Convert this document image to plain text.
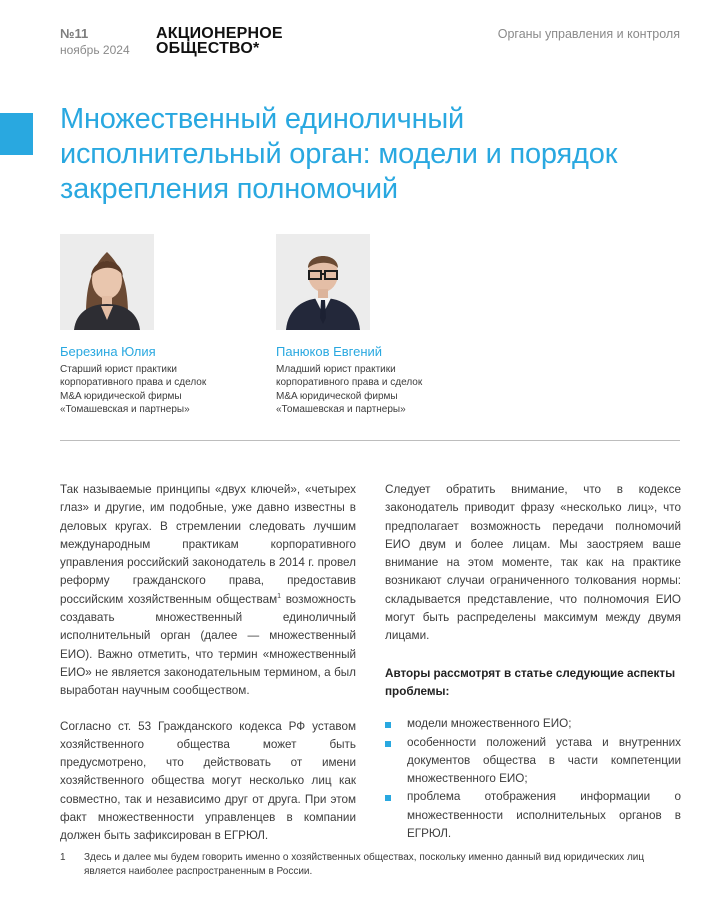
№11
ноябрь 2024
АКЦИОНЕРНОЕ
ОБЩЕСТВО*
Органы управления и контроля
Множественный единоличный исполнительный орган: модели и порядок закрепления полномочий
Березина Юлия
Старший юрист практики
корпоративного права и сделок
M&A юридической фирмы
«Томашевская и партнеры»
Панюков Евгений
Младший юрист практики
корпоративного права и сделок
M&A юридической фирмы
«Томашевская и партнеры»

Так называемые принципы «двух ключей», «четырех глаз» и другие, им подобные, уже давно известны в деловых кругах. В стремлении следовать лучшим международным практикам корпоративного управления российский законодатель в 2014 г. провел реформу гражданского права, предоставив российским хозяйственным обществам$^1$ возможность создавать множественный единоличный исполнительный орган (далее — множественный ЕИО). Важно отметить, что термин «множественный ЕИО» не является законодательным термином, а был выработан научным сообществом.

Согласно ст. 53 Гражданского кодекса РФ уставом хозяйственного общества может быть предусмотрено, что действовать от имени хозяйственного общества могут несколько лиц как совместно, так и независимо друг от друга. При этом факт множественности управленцев в компании должен быть зафиксирован в ЕГРЮЛ.

Следует обратить внимание, что в кодексе законодатель приводит фразу «несколько лиц», что предполагает возможность передачи полномочий ЕИО двум и более лицам. Мы заостряем ваше внимание на этом моменте, так как на практике возникают случаи ограниченного толкования нормы: складывается представление, что полномочия ЕИО могут быть распределены максимум между двумя лицами.

Авторы рассмотрят в статье следующие аспекты проблемы:

модели множественного ЕИО;
особенности положений устава и внутренних документов общества в части компетенции множественного ЕИО;
проблема отображения информации о множественности исполнительных органов в ЕГРЮЛ.
1	Здесь и далее мы будем говорить именно о хозяйственных обществах, поскольку именно данный вид юридических лиц является наиболее распространенным в России.
